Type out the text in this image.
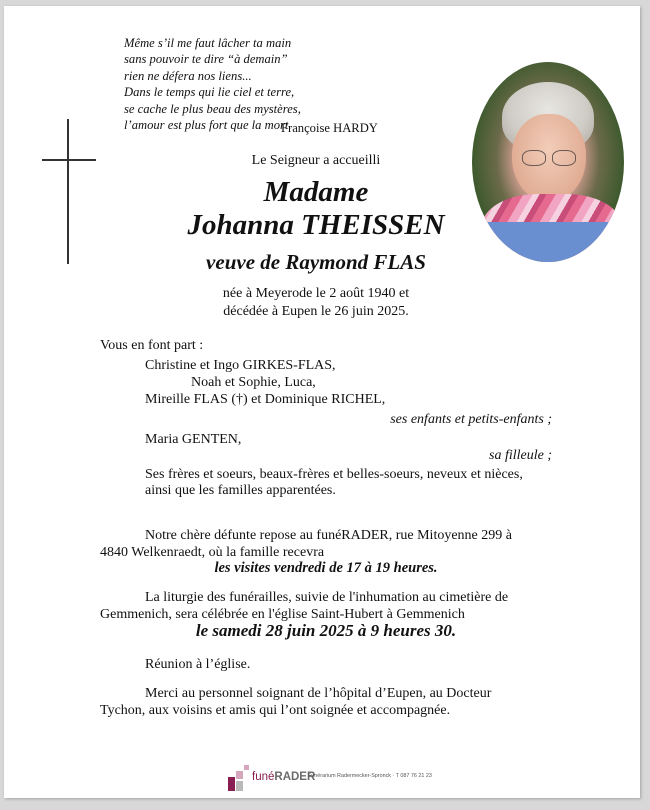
Même s’il me faut lâcher ta main
sans pouvoir te dire “à demain”
rien ne défera nos liens...
Dans le temps qui lie ciel et terre,
se cache le plus beau des mystères,
l’amour est plus fort que la mort.
Françoise HARDY
Le Seigneur a accueilli
Madame
Johanna THEISSEN
veuve de Raymond FLAS
née à Meyerode le 2 août 1940 et
décédée à Eupen le 26 juin 2025.
Vous en font part :
Christine et Ingo GIRKES-FLAS,
Noah et Sophie, Luca,
Mireille FLAS (†) et Dominique RICHEL,
ses enfants et petits-enfants ;
Maria GENTEN,
sa filleule ;
Ses frères et soeurs, beaux-frères et belles-soeurs, neveux et nièces,
ainsi que les familles apparentées.
Notre chère défunte repose au funéRADER, rue Mitoyenne 299 à
4840 Welkenraedt, où la famille recevra
les visites vendredi de 17 à 19 heures.
La liturgie des funérailles, suivie de l'inhumation au cimetière de
Gemmenich, sera célébrée en l'église Saint-Hubert à Gemmenich
le samedi 28 juin 2025 à 9 heures 30.
Réunion à l’église.
Merci au personnel soignant de l’hôpital d’Eupen, au Docteur
Tychon, aux voisins et amis qui l’ont soignée et accompagnée.
funéRADER
Funérarium Radermecker-Spronck · T 087 76 21 23
